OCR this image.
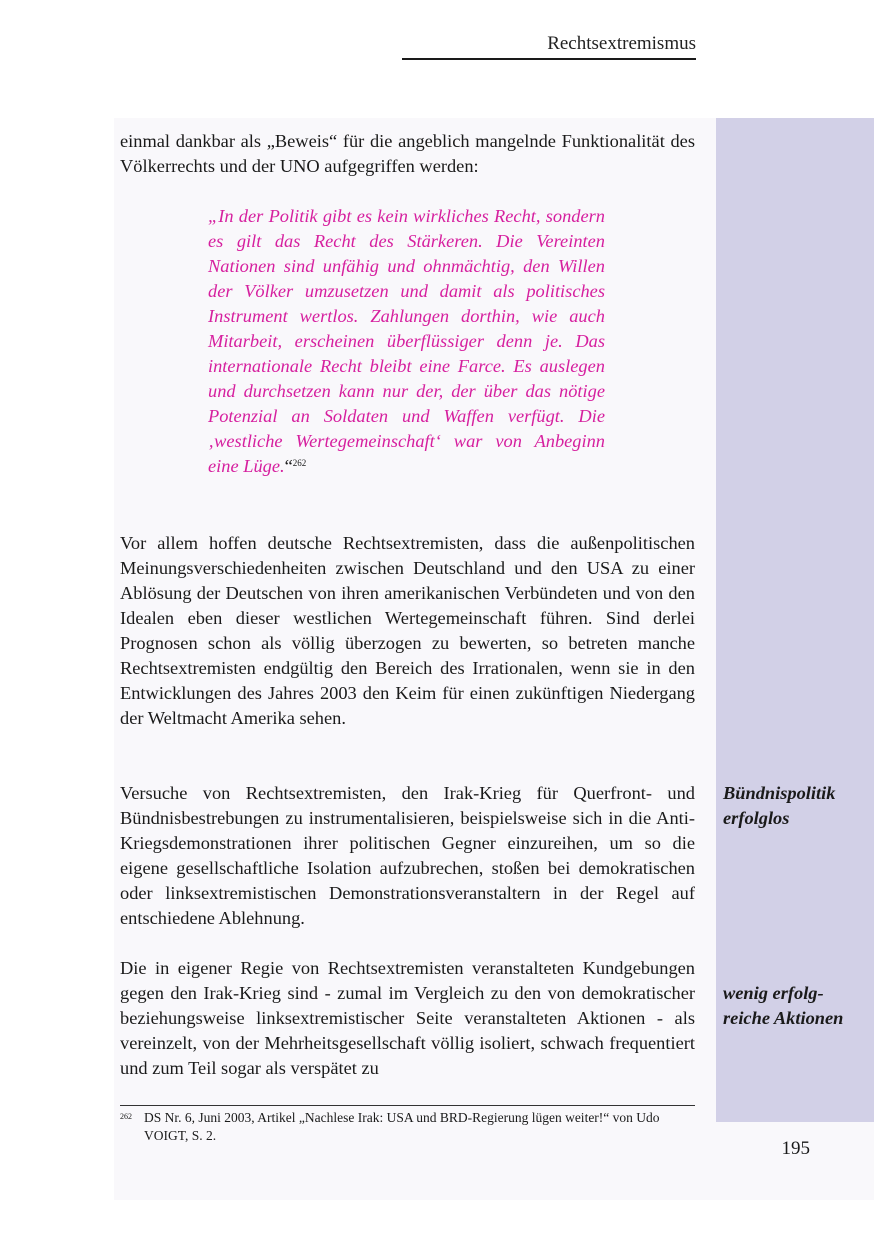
Rechtsextremismus

einmal dankbar als „Beweis“ für die angeblich mangelnde Funktionalität des Völkerrechts und der UNO aufgegriffen werden:

„In der Politik gibt es kein wirkliches Recht, sondern es gilt das Recht des Stärkeren. Die Vereinten Nationen sind unfähig und ohnmächtig, den Willen der Völker umzusetzen und damit als politisches Instrument wertlos. Zahlungen dorthin, wie auch Mitarbeit, erscheinen überflüssiger denn je. Das internationale Recht bleibt eine Farce. Es auslegen und durchsetzen kann nur der, der über das nötige Potenzial an Soldaten und Waffen verfügt. Die ‚westliche Wertegemeinschaft‘ war von Anbeginn eine Lüge.“$^{262}$

Vor allem hoffen deutsche Rechtsextremisten, dass die außenpolitischen Meinungsverschiedenheiten zwischen Deutschland und den USA zu einer Ablösung der Deutschen von ihren amerikanischen Verbündeten und von den Idealen eben dieser westlichen Wertegemeinschaft führen. Sind derlei Prognosen schon als völlig überzogen zu bewerten, so betreten manche Rechtsextremisten endgültig den Bereich des Irrationalen, wenn sie in den Entwicklungen des Jahres 2003 den Keim für einen zukünftigen Niedergang der Weltmacht Amerika sehen.

Versuche von Rechtsextremisten, den Irak-Krieg für Querfront- und Bündnisbestrebungen zu instrumentalisieren, beispielsweise sich in die Anti-Kriegsdemonstrationen ihrer politischen Gegner einzureihen, um so die eigene gesellschaftliche Isolation aufzubrechen, stoßen bei demokratischen oder linksextremistischen Demonstrationsveranstaltern in der Regel auf entschiedene Ablehnung.

Die in eigener Regie von Rechtsextremisten veranstalteten Kundgebungen gegen den Irak-Krieg sind - zumal im Vergleich zu den von demokratischer beziehungsweise linksextremistischer Seite veranstalteten Aktionen - als vereinzelt, von der Mehrheitsgesellschaft völlig isoliert, schwach frequentiert und zum Teil sogar als verspätet zu

Bündnispolitik erfolglos

wenig erfolgreiche Aktionen

262 DS Nr. 6, Juni 2003, Artikel „Nachlese Irak: USA und BRD-Regierung lügen weiter!“ von Udo VOIGT, S. 2.

195
